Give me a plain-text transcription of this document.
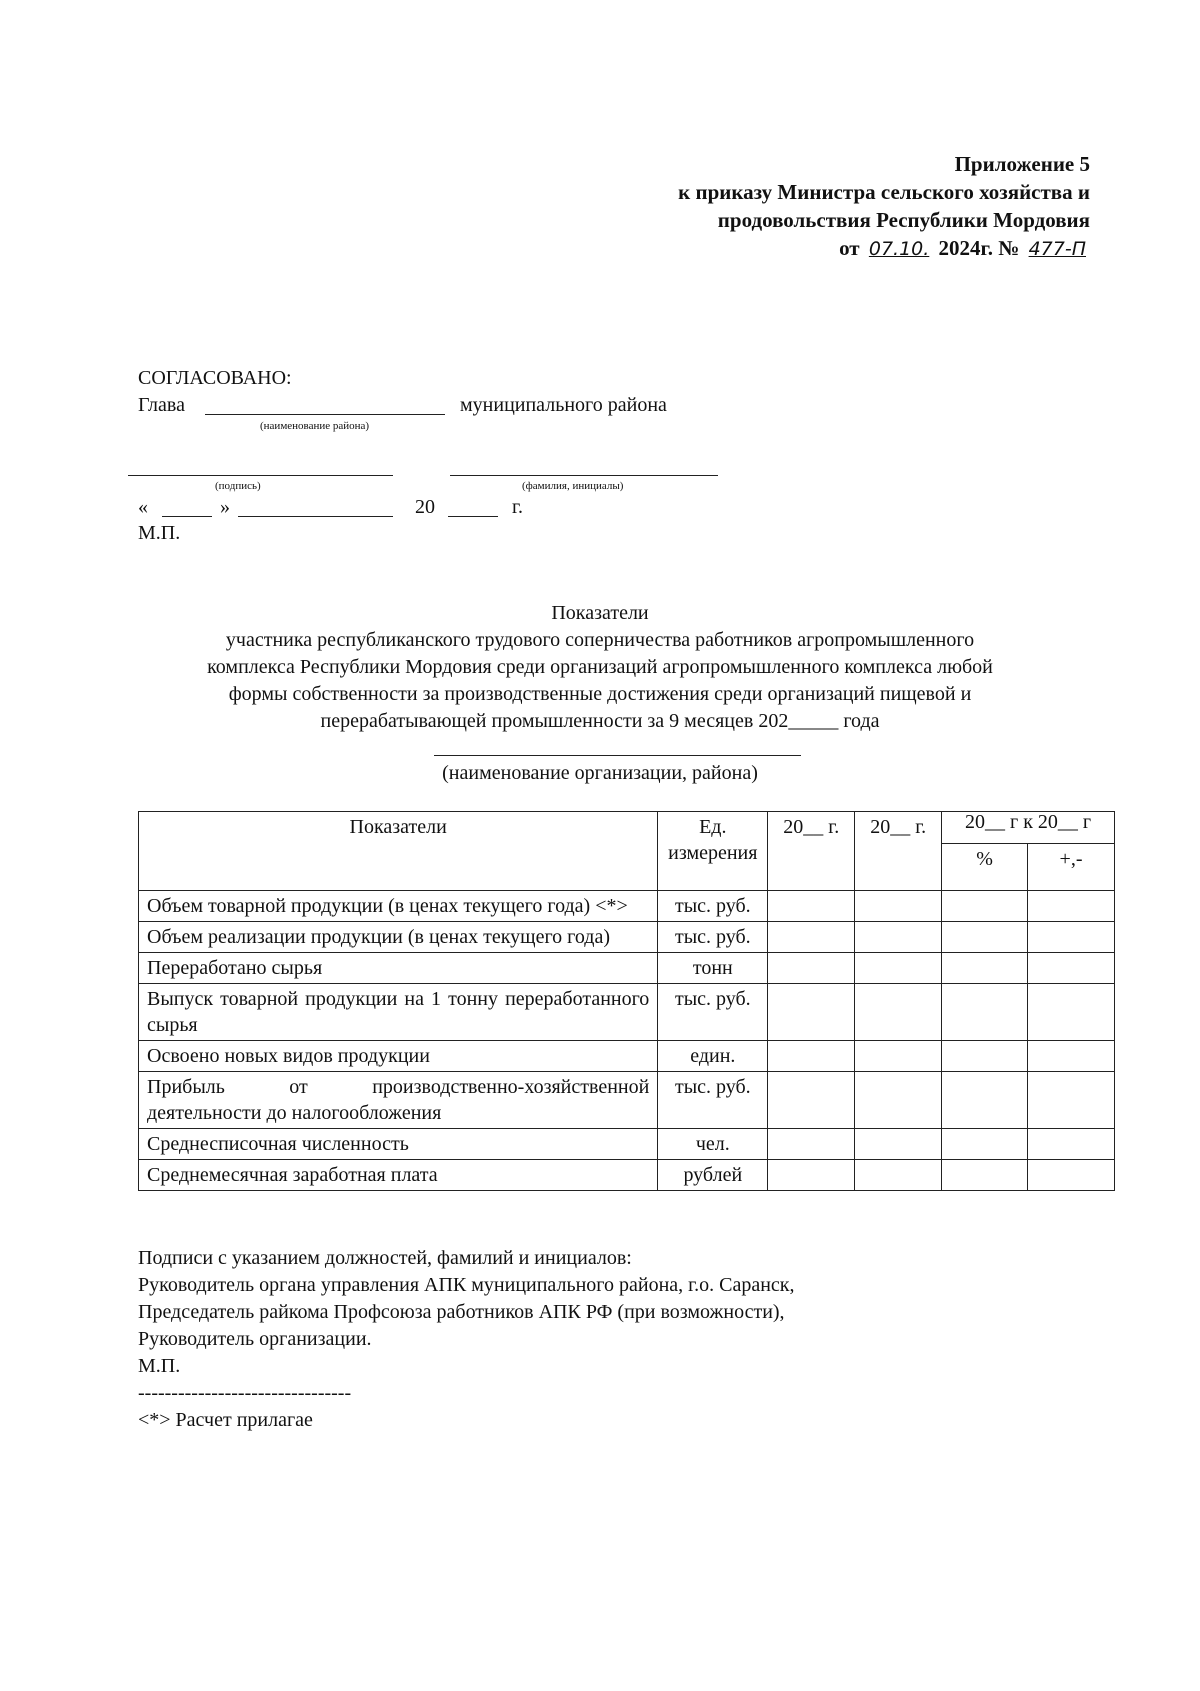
Приложение 5
к приказу Министра сельского хозяйства и
продовольствия Республики Мордовия
от 07.10. 2024г. № 477-П
СОГЛАСОВАНО:
Глава	муниципального района
(наименование района)
(подпись)	(фамилия, инициалы)
«	»	20	г.
М.П.
Показатели
участника республиканского трудового соперничества работников агропромышленного
комплекса Республики Мордовия среди организаций агропромышленного комплекса любой
формы собственности за производственные достижения среди организаций пищевой и
перерабатывающей промышленности за 9 месяцев 202_____ года
(наименование организации, района)
Показатели	Ед. измерения	20__ г.	20__ г.	20__ г к 20__ г	
				%	+,-
Объем товарной продукции (в ценах текущего года) <*>	тыс. руб.				
Объем реализации продукции (в ценах текущего года)	тыс. руб.				
Переработано сырья	тонн				
Выпуск товарной продукции на 1 тонну переработанного сырья	тыс. руб.				
Освоено новых видов продукции	един.				
Прибыль от производственно-хозяйственной деятельности до налогообложения	тыс. руб.				
Среднесписочная численность	чел.				
Среднемесячная заработная плата	рублей				
Подписи с указанием должностей, фамилий и инициалов:
Руководитель органа управления АПК муниципального района, г.о. Саранск,
Председатель райкома Профсоюза работников АПК РФ (при возможности),
Руководитель организации.
М.П.
--------------------------------
<*> Расчет прилагае
